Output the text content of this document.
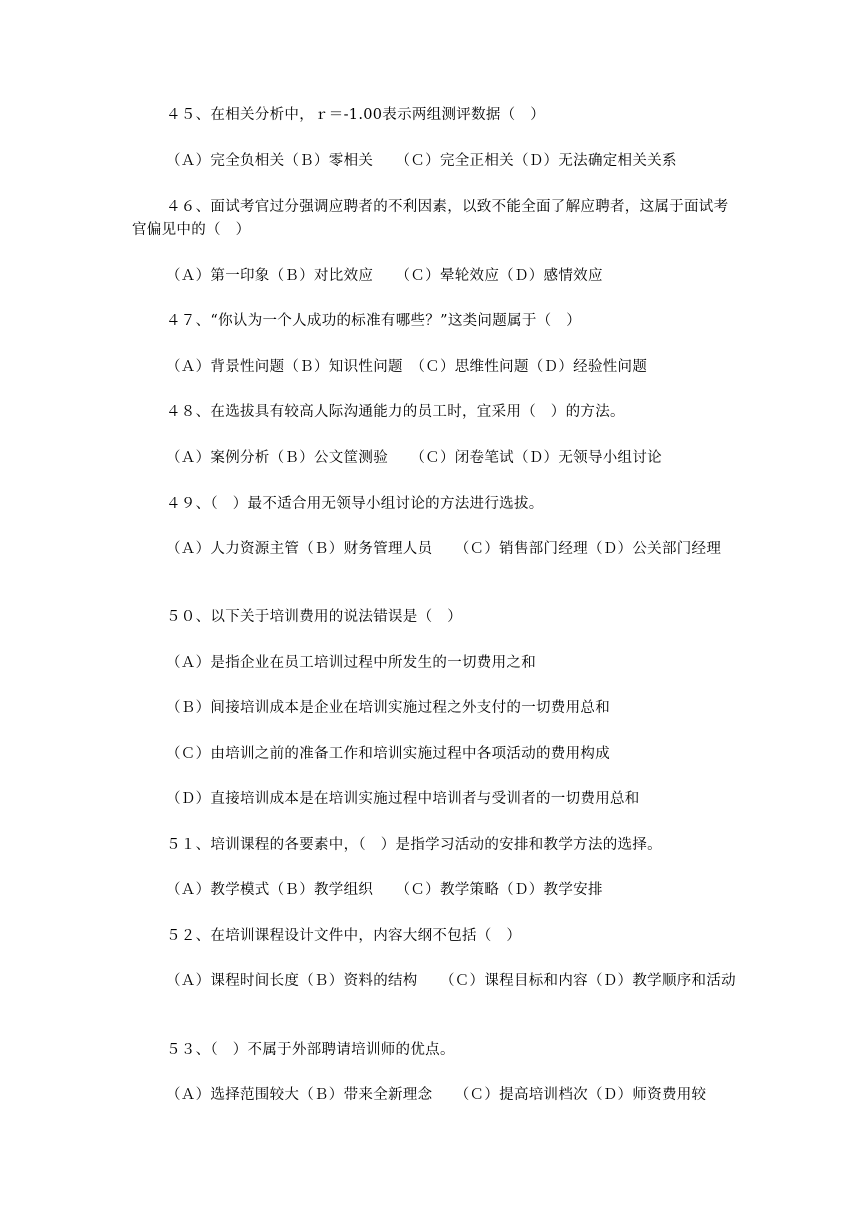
４５、在相关分析中，ｒ＝-1.00表示两组测评数据（　）

（Ａ）完全负相关（Ｂ）零相关　　（Ｃ）完全正相关（Ｄ）无法确定相关关系

４６、面试考官过分强调应聘者的不利因素，以致不能全面了解应聘者，这属于面试考官偏见中的（　）

（Ａ）第一印象（Ｂ）对比效应　　（Ｃ）晕轮效应（Ｄ）感情效应

４７、“你认为一个人成功的标准有哪些？”这类问题属于（　）

（Ａ）背景性问题（Ｂ）知识性问题　（Ｃ）思维性问题（Ｄ）经验性问题

４８、在选拔具有较高人际沟通能力的员工时，宜采用（　）的方法。

（Ａ）案例分析（Ｂ）公文筐测验　　（Ｃ）闭卷笔试（Ｄ）无领导小组讨论

４９、（　）最不适合用无领导小组讨论的方法进行选拔。

（Ａ）人力资源主管（Ｂ）财务管理人员　　（Ｃ）销售部门经理（Ｄ）公关部门经理

５０、以下关于培训费用的说法错误是（　）

（Ａ）是指企业在员工培训过程中所发生的一切费用之和

（Ｂ）间接培训成本是企业在培训实施过程之外支付的一切费用总和

（Ｃ）由培训之前的准备工作和培训实施过程中各项活动的费用构成

（Ｄ）直接培训成本是在培训实施过程中培训者与受训者的一切费用总和

５１、培训课程的各要素中，（　）是指学习活动的安排和教学方法的选择。

（Ａ）教学模式（Ｂ）教学组织　　（Ｃ）教学策略（Ｄ）教学安排

５２、在培训课程设计文件中，内容大纲不包括（　）

（Ａ）课程时间长度（Ｂ）资料的结构　　（Ｃ）课程目标和内容（Ｄ）教学顺序和活动

５３、（　）不属于外部聘请培训师的优点。

（Ａ）选择范围较大（Ｂ）带来全新理念　　（Ｃ）提高培训档次（Ｄ）师资费用较
